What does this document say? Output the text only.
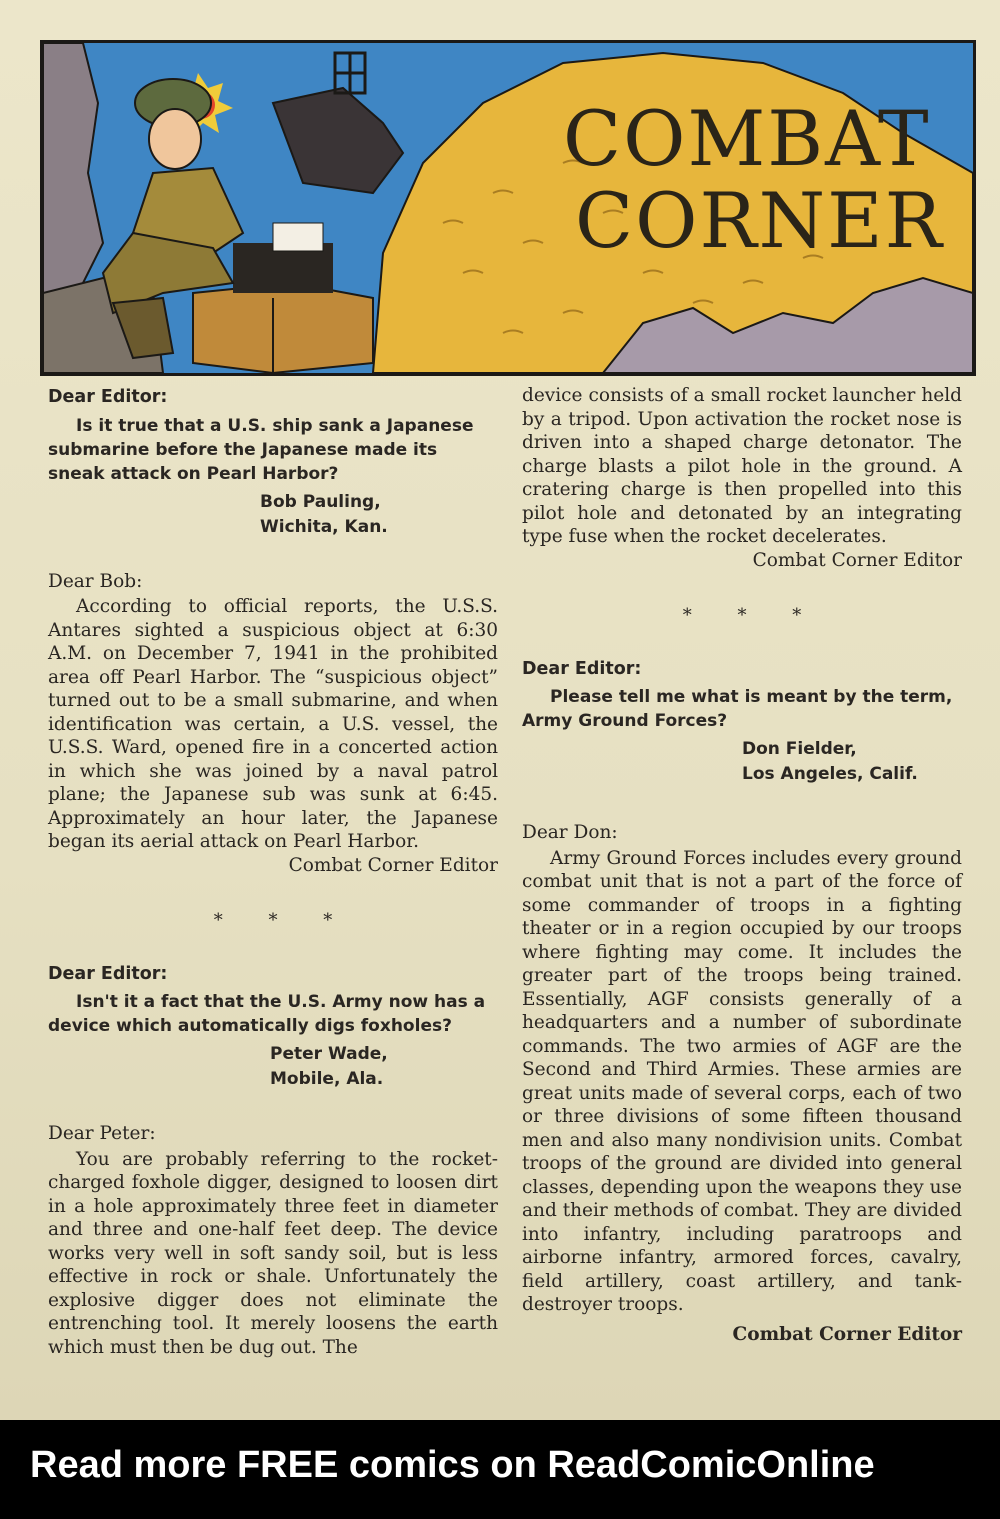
COMBAT
CORNER
Dear Editor:

Is it true that a U.S. ship sank a Japanese submarine before the Japanese made its sneak attack on Pearl Harbor?

Bob Pauling,
Wichita, Kan.
Dear Bob:

According to official reports, the U.S.S. Antares sighted a suspicious object at 6:30 A.M. on December 7, 1941 in the prohibited area off Pearl Harbor. The “suspicious object” turned out to be a small submarine, and when identification was certain, a U.S. vessel, the U.S.S. Ward, opened fire in a concerted action in which she was joined by a naval patrol plane; the Japanese sub was sunk at 6:45. Approximately an hour later, the Japanese began its aerial attack on Pearl Harbor.

Combat Corner Editor

* * *
Dear Editor:

Isn't it a fact that the U.S. Army now has a device which automatically digs foxholes?

Peter Wade,
Mobile, Ala.
Dear Peter:

You are probably referring to the rocket-charged foxhole digger, designed to loosen dirt in a hole approximately three feet in diameter and three and one-half feet deep. The device works very well in soft sandy soil, but is less effective in rock or shale. Unfortunately the explosive digger does not eliminate the entrenching tool. It merely loosens the earth which must then be dug out. The

device consists of a small rocket launcher held by a tripod. Upon activation the rocket nose is driven into a shaped charge detonator. The charge blasts a pilot hole in the ground. A cratering charge is then propelled into this pilot hole and detonated by an integrating type fuse when the rocket decelerates.

Combat Corner Editor

* * *
Dear Editor:

Please tell me what is meant by the term, Army Ground Forces?

Don Fielder,
Los Angeles, Calif.
Dear Don:

Army Ground Forces includes every ground combat unit that is not a part of the force of some commander of troops in a fighting theater or in a region occupied by our troops where fighting may come. It includes the greater part of the troops being trained. Essentially, AGF consists generally of a headquarters and a number of subordinate commands. The two armies of AGF are the Second and Third Armies. These armies are great units made of several corps, each of two or three divisions of some fifteen thousand men and also many nondivision units. Combat troops of the ground are divided into general classes, depending upon the weapons they use and their methods of combat. They are divided into infantry, including paratroops and airborne infantry, armored forces, cavalry, field artillery, coast artillery, and tank-destroyer troops.

Combat Corner Editor

Read more FREE comics on ReadComicOnline
